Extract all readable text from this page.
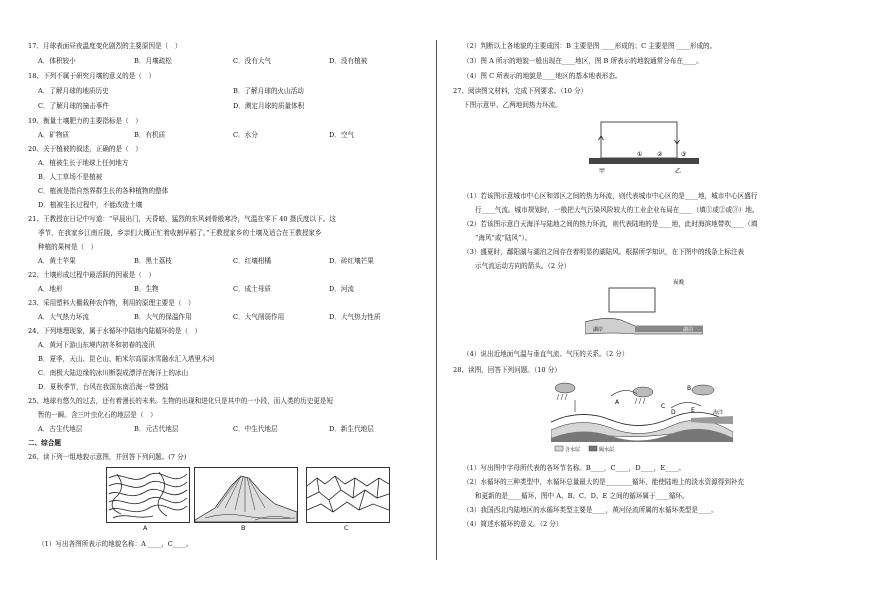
17、月球表面昼夜温度变化剧烈的主要原因是（　）
A．体积较小	B．月壤疏松	C．没有大气	D．没有植被
18、下列不属于研究月壤的意义的是（　）
A．了解月球的地质历史	B．了解月球的火山活动
C．了解月球的撞击事件	D．测定月球的质量体积
19、衡量土壤肥力的主要指标是（　）
A．矿物质	B．有机质	C．水分	D．空气
20、关于植被的叙述，正确的是（　）
A．植被生长于地球上任何地方
B．人工草场不是植被
C．植被是指自然界群生长的各种植物的整体
D．植被生长过程中，不能改造土壤
21、王教授在日记中写道：“早晨出门，天昏暗，猛烈的东风刺骨般寒冷，气温在零下 40 摄氏度以下。这
季节，在我家乡江南丘陵，乡亲们大概正忙着收割早稻了。”王教授家乡的土壤及适合在王教授家乡
种植的果树是（　）
A．黄土苹果	B．黑土荔枝	C．红壤柑橘	D．砖红壤芒果
22、土壤形成过程中最活跃的因素是（　）
A．地形	B．生物	C．成土母质	D．河流
23、采用塑料大棚栽种农作物，利用的原理主要是（　）
A．大气热力环流	B．大气的保温作用	C．大气削弱作用	D．大气热力性质
24、下列地理现象，属于水循环中陆地内陆循环的是（　）
A．黄河下游山东境内初冬和初春的凌汛
B．夏季，天山、昆仑山、帕米尔高原冰雪融水汇入塔里木河
C．南极大陆边缘的冰川断裂成漂浮在海洋上的冰山
D．夏秋季节，台风在我国东南沿海一带登陆
25、地球有悠久的过去，还有着漫长的未来。生物的出现和进化只是其中的一小段，而人类的历史更是短
暂的一瞬。含三叶虫化石的地层是（　）
A．古生代地层	B．元古代地层	C．中生代地层	D．新生代地层
二、综合题
26、读下列一组地貌示意图，并回答下列问题。(7 分)
A	B	C
（1）写出各图所表示的地貌名称：A ____，C____。
（2）判断以上各地貌的主要成因：B 主要是图 ____形成的；C 主要是图 ____形成的。
（3）图 A 所示的地貌一般出现在____地区，图 B 所表示的地貌通常分布在____。
（4）图 C 所表示的地貌是____地区的基本地表形态。
27、阅读图文材料，完成下列要求。（10 分）
下图示意甲、乙两地间热力环流。
① ②	③
甲	乙
（1）若该图示意城市中心区和郊区之间的热力环流，则代表城市中心区的是____地，城市中心区盛行
行____气流。城市规划时，一般把大气污染风险较大的工业企业布局在____（填①或②或③）地。
（2）若该图示意白天海洋与陆地之间的热力环流，则代表陆地的是____地，此时海滨地带吹____（填
“海风”或“陆风”）。
（3）盛夏时，鄱阳湖与湖泊之间存在着明显的湖陆风。根据所学知识，在下图中的线条上标注表
示气流运动方向的箭头。（2 分）
夜晚
湖岸	湖泊
（4）说出近地面气温与垂直气流、气压的关系。（2 分）
28、读图，回答下列问题。（10 分）
B
A
C
D	E	海洋
含水层	隔水层
（1）写出图中字母所代表的各环节名称。B____，C____，D____，E____。
（2）水循环的三种类型中，水循环总量最大的是________循环，能使陆地上的淡水资源得到补充
和更新的是____循环，图中 A、B、C、D、E 之间的循环属于____循环。
（3）我国西北内陆地区的水循环类型主要是____，黄河径流所属的水循环类型是____。
（4）简述水循环的意义。（2 分）
